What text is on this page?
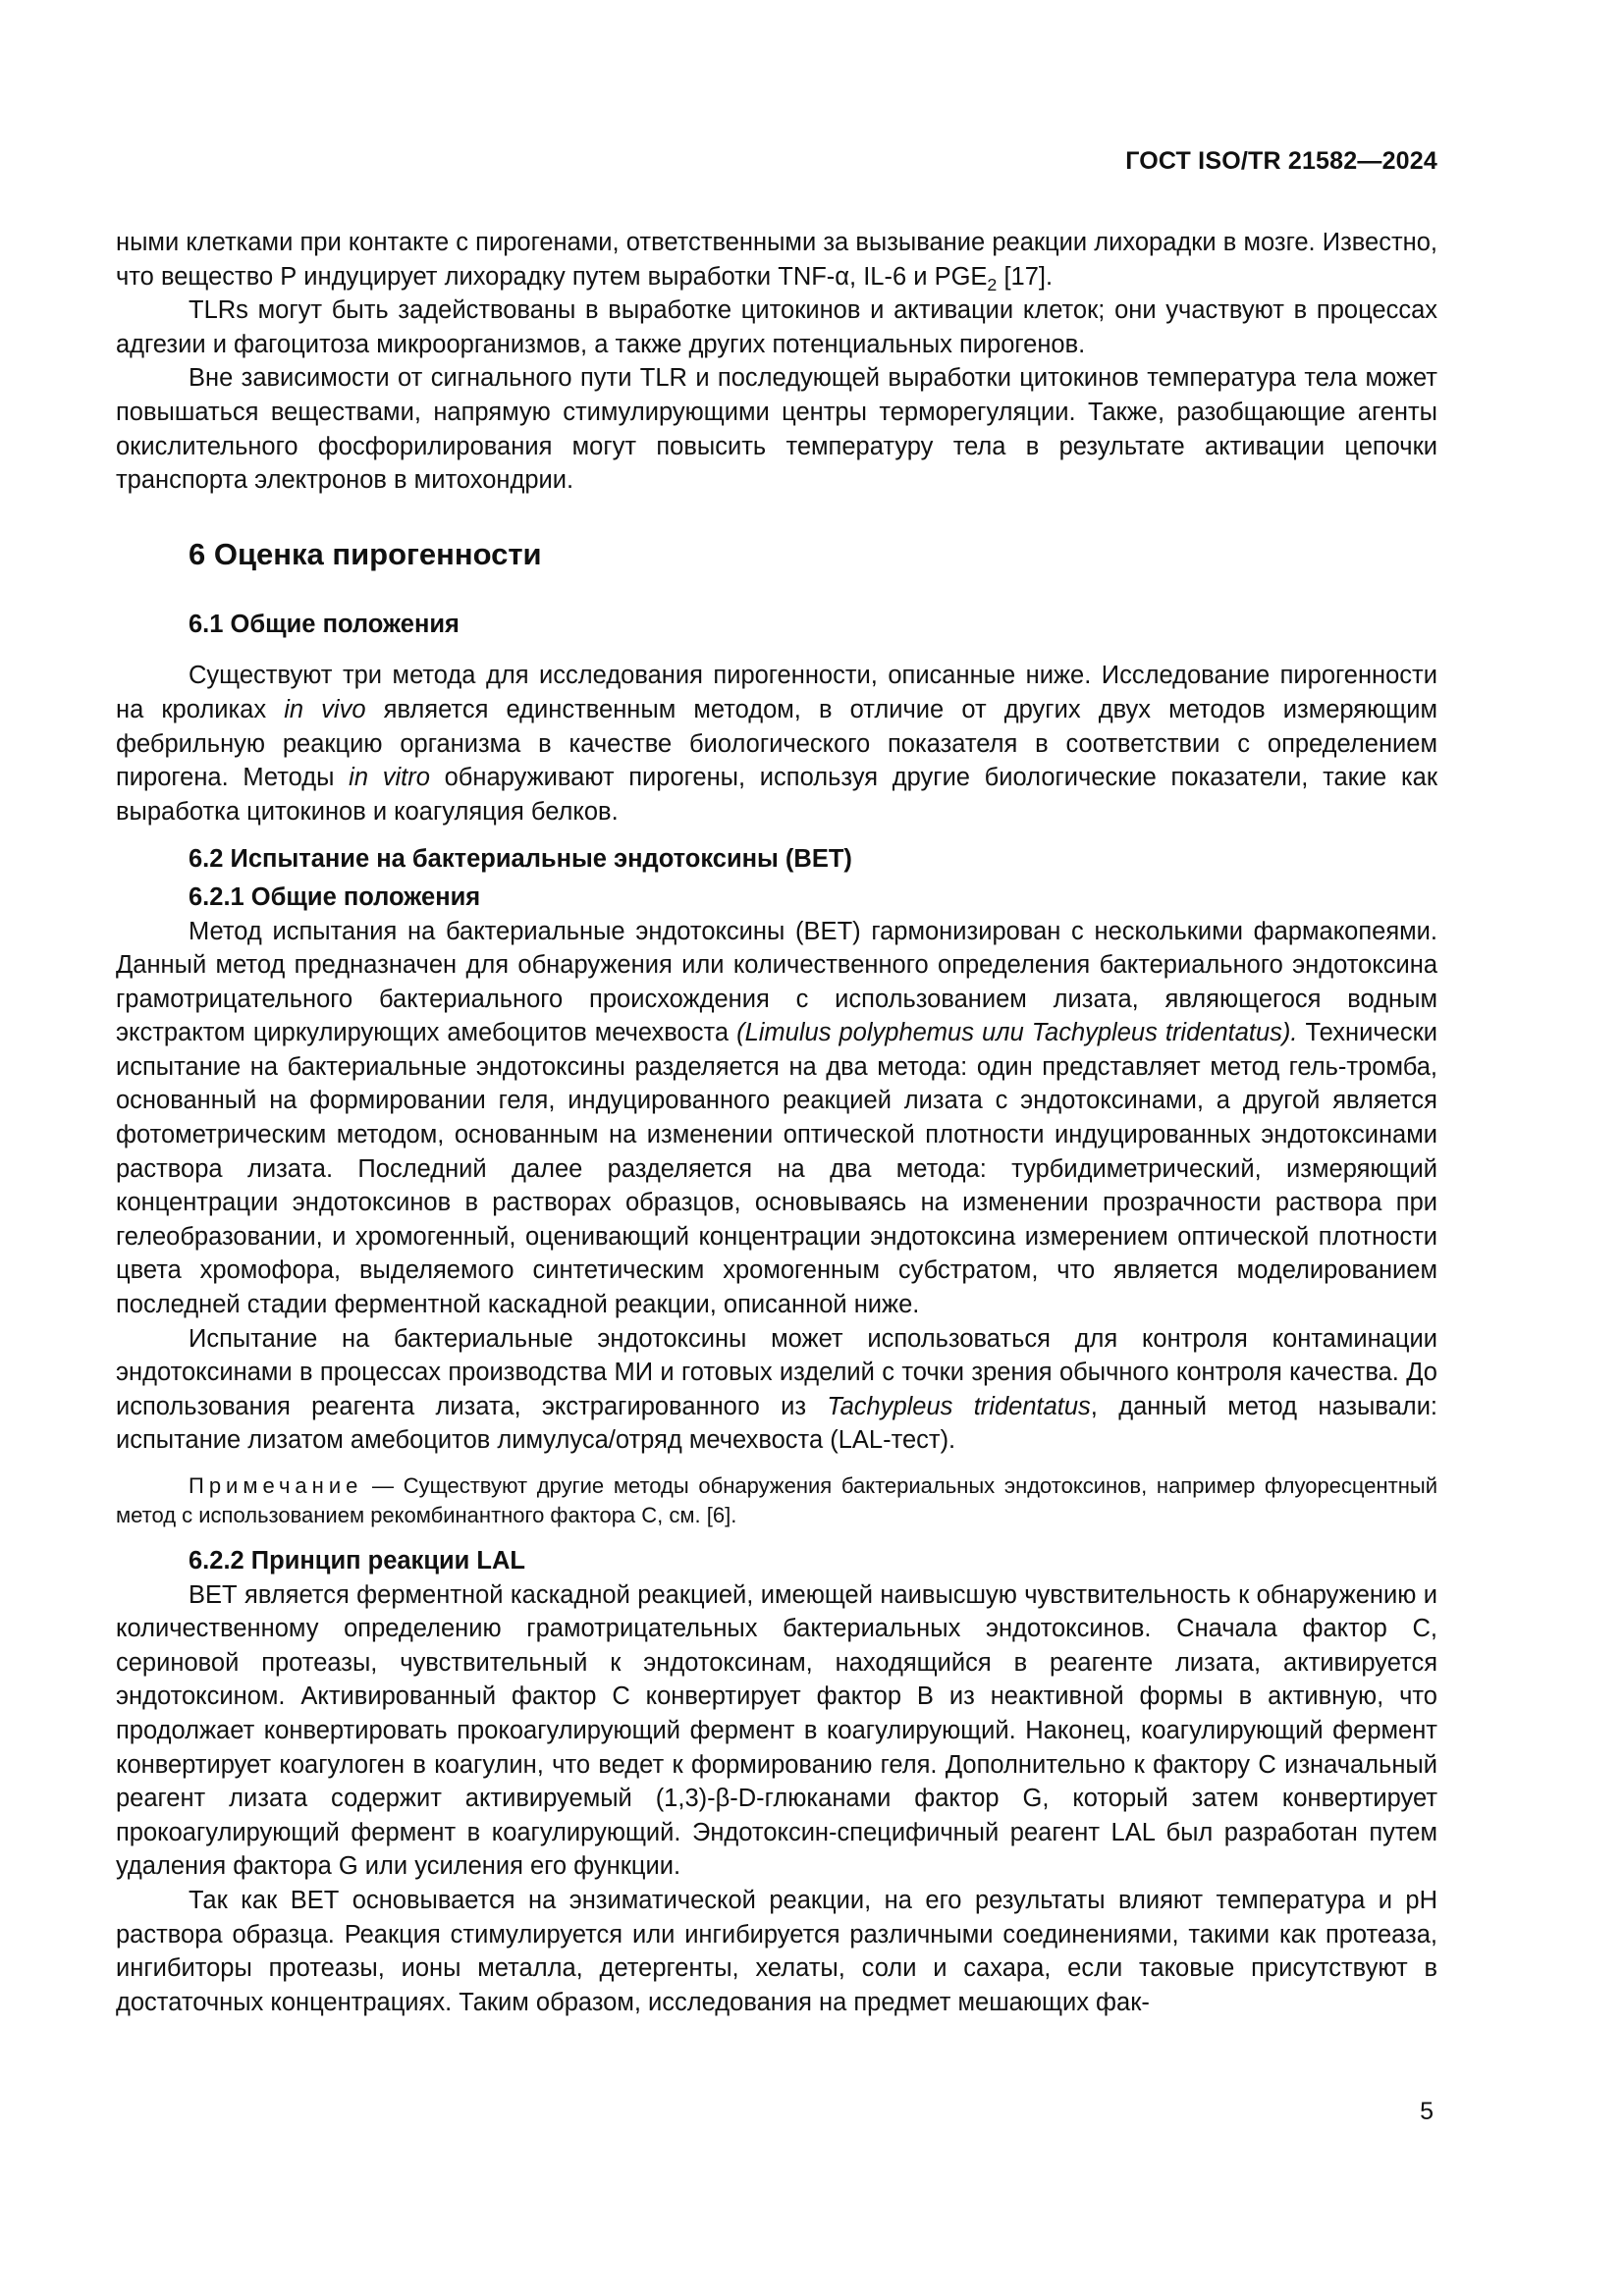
ГОСТ ISO/TR 21582—2024

ными клетками при контакте с пирогенами, ответственными за вызывание реакции лихорадки в мозге. Известно, что вещество Р индуцирует лихорадку путем выработки TNF-α, IL-6 и $PGE_2$ [17].

TLRs могут быть задействованы в выработке цитокинов и активации клеток; они участвуют в процессах адгезии и фагоцитоза микроорганизмов, а также других потенциальных пирогенов.

Вне зависимости от сигнального пути TLR и последующей выработки цитокинов температура тела может повышаться веществами, напрямую стимулирующими центры терморегуляции. Также, разобщающие агенты окислительного фосфорилирования могут повысить температуру тела в результате активации цепочки транспорта электронов в митохондрии.

6 Оценка пирогенности
6.1 Общие положения

Существуют три метода для исследования пирогенности, описанные ниже. Исследование пирогенности на кроликах in vivo является единственным методом, в отличие от других двух методов измеряющим фебрильную реакцию организма в качестве биологического показателя в соответствии с определением пирогена. Методы in vitro обнаруживают пирогены, используя другие биологические показатели, такие как выработка цитокинов и коагуляция белков.

6.2 Испытание на бактериальные эндотоксины (ВЕТ)
6.2.1 Общие положения

Метод испытания на бактериальные эндотоксины (ВЕТ) гармонизирован с несколькими фармакопеями. Данный метод предназначен для обнаружения или количественного определения бактериального эндотоксина грамотрицательного бактериального происхождения с использованием лизата, являющегося водным экстрактом циркулирующих амебоцитов мечехвоста (Limulus polyphemus или Tachypleus tridentatus). Технически испытание на бактериальные эндотоксины разделяется на два метода: один представляет метод гель-тромба, основанный на формировании геля, индуцированного реакцией лизата с эндотоксинами, а другой является фотометрическим методом, основанным на изменении оптической плотности индуцированных эндотоксинами раствора лизата. Последний далее разделяется на два метода: турбидиметрический, измеряющий концентрации эндотоксинов в растворах образцов, основываясь на изменении прозрачности раствора при гелеобразовании, и хромогенный, оценивающий концентрации эндотоксина измерением оптической плотности цвета хромофора, выделяемого синтетическим хромогенным субстратом, что является моделированием последней стадии ферментной каскадной реакции, описанной ниже.

Испытание на бактериальные эндотоксины может использоваться для контроля контаминации эндотоксинами в процессах производства МИ и готовых изделий с точки зрения обычного контроля качества. До использования реагента лизата, экстрагированного из Tachypleus tridentatus, данный метод называли: испытание лизатом амебоцитов лимулуса/отряд мечехвоста (LAL-тест).

Примечание — Существуют другие методы обнаружения бактериальных эндотоксинов, например флуоресцентный метод с использованием рекомбинантного фактора С, см. [6].

6.2.2 Принцип реакции LAL

ВЕТ является ферментной каскадной реакцией, имеющей наивысшую чувствительность к обнаружению и количественному определению грамотрицательных бактериальных эндотоксинов. Сначала фактор С, сериновой протеазы, чувствительный к эндотоксинам, находящийся в реагенте лизата, активируется эндотоксином. Активированный фактор С конвертирует фактор В из неактивной формы в активную, что продолжает конвертировать прокоагулирующий фермент в коагулирующий. Наконец, коагулирующий фермент конвертирует коагулоген в коагулин, что ведет к формированию геля. Дополнительно к фактору С изначальный реагент лизата содержит активируемый (1,3)-β-D-глюканами фактор G, который затем конвертирует прокоагулирующий фермент в коагулирующий. Эндотоксин-специфичный реагент LAL был разработан путем удаления фактора G или усиления его функции.

Так как ВЕТ основывается на энзиматической реакции, на его результаты влияют температура и pH раствора образца. Реакция стимулируется или ингибируется различными соединениями, такими как протеаза, ингибиторы протеазы, ионы металла, детергенты, хелаты, соли и сахара, если таковые присутствуют в достаточных концентрациях. Таким образом, исследования на предмет мешающих фак-

5
